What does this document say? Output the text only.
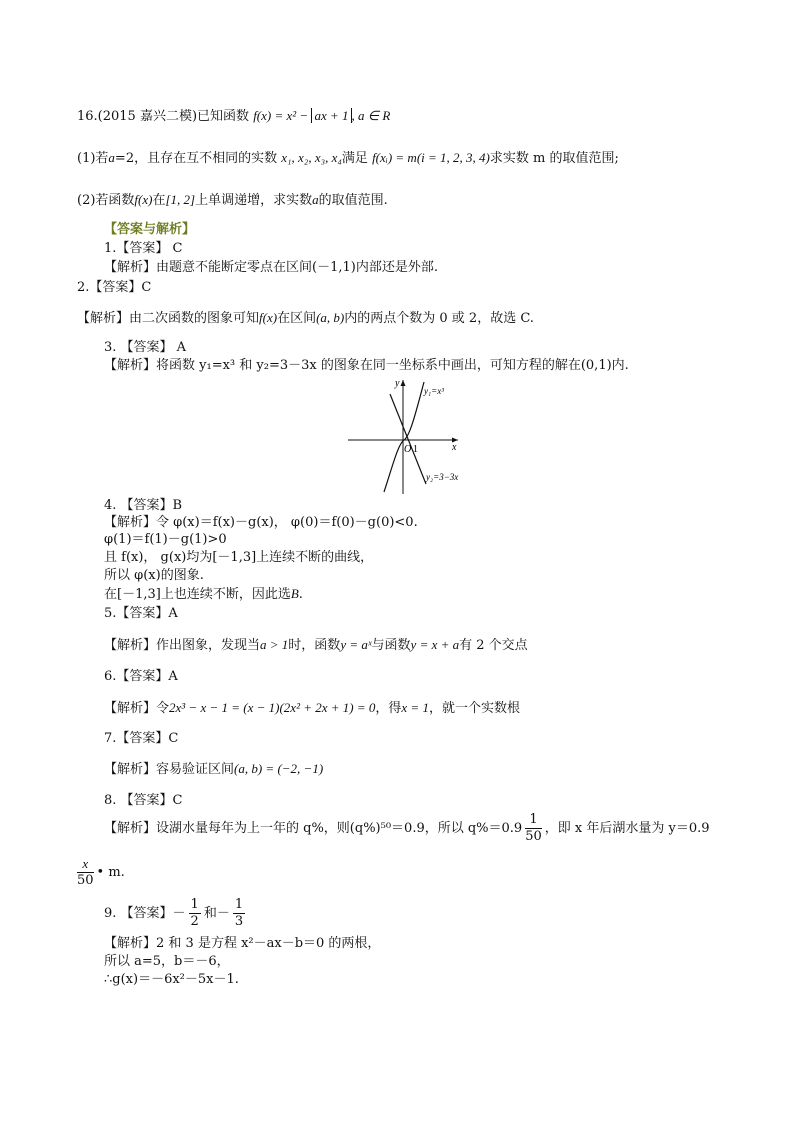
16.(2015 嘉兴二模)已知函数 f(x) = x² − ax + 1 , a ∈ R
(1)若a=2，且存在互不相同的实数 x₁, x₂, x₃, x₄满足 f(xᵢ) = m(i = 1, 2, 3, 4)求实数 m 的取值范围;
(2)若函数f(x)在[1, 2]上单调递增，求实数a的取值范围.
【答案与解析】
1.【答案】 C
【解析】由题意不能断定零点在区间(－1,1)内部还是外部.
2.【答案】C
【解析】由二次函数的图象可知f(x)在区间(a, b)内的两点个数为 0 或 2，故选 C.
3. 【答案】 A
【解析】将函数 y₁=x³ 和 y₂=3－3x 的图象在同一坐标系中画出，可知方程的解在(0,1)内.
y
x
O 1
y₁=x³
y₂=3−3x
4. 【答案】B
【解析】令 φ(x)＝f(x)－g(x)， φ(0)＝f(0)－g(0)<0.
φ(1)＝f(1)－g(1)>0
且 f(x)， g(x)均为[－1,3]上连续不断的曲线，
所以 φ(x)的图象.
在[－1,3]上也连续不断，因此选B.
5.【答案】A
【解析】作出图象，发现当a > 1时，函数y = aˣ与函数y = x + a有 2 个交点
6.【答案】A
【解析】令2x³ − x − 1 = (x − 1)(2x² + 2x + 1) = 0，得x = 1，就一个实数根
7.【答案】C
【解析】容易验证区间(a, b) = (−2, −1)
8. 【答案】C
【解析】设湖水量每年为上一年的 q%，则(q%)⁵⁰＝0.9，所以 $q\%=0.9 \frac{1}{50}$ ，即 x 年后湖水量为 y＝0.9
$\frac{x}{50}$ • m.
9. 【答案】－ $\frac{1}{2}$ 和－ $\frac{1}{3}$
【解析】2 和 3 是方程 x²－ax－b＝0 的两根，
所以 a=5，b＝－6，
∴g(x)＝－6x²－5x－1.
